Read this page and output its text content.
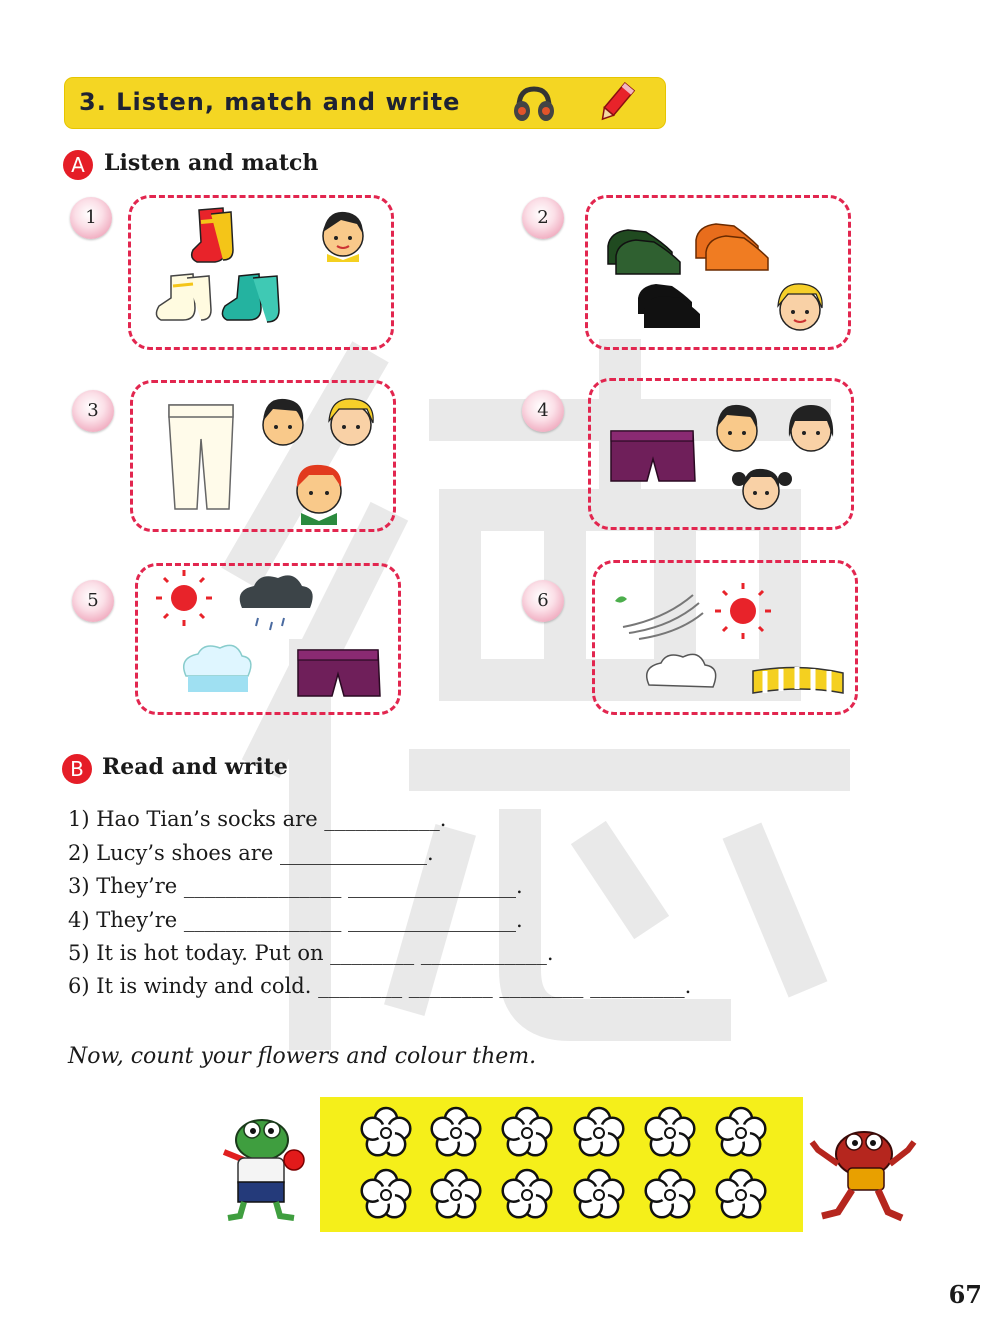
3. Listen, match and write
A Listen and match
1	2
3	4
5	6
B Read and write
1) Hao Tian’s socks are ___________.
2) Lucy’s shoes are ______________.
3) They’re _______________ ________________.
4) They’re _______________ ________________.
5) It is hot today. Put on ________ ____________.
6) It is windy and cold. ________ ________ ________ _________.
Now, count your flowers and colour them.
67
